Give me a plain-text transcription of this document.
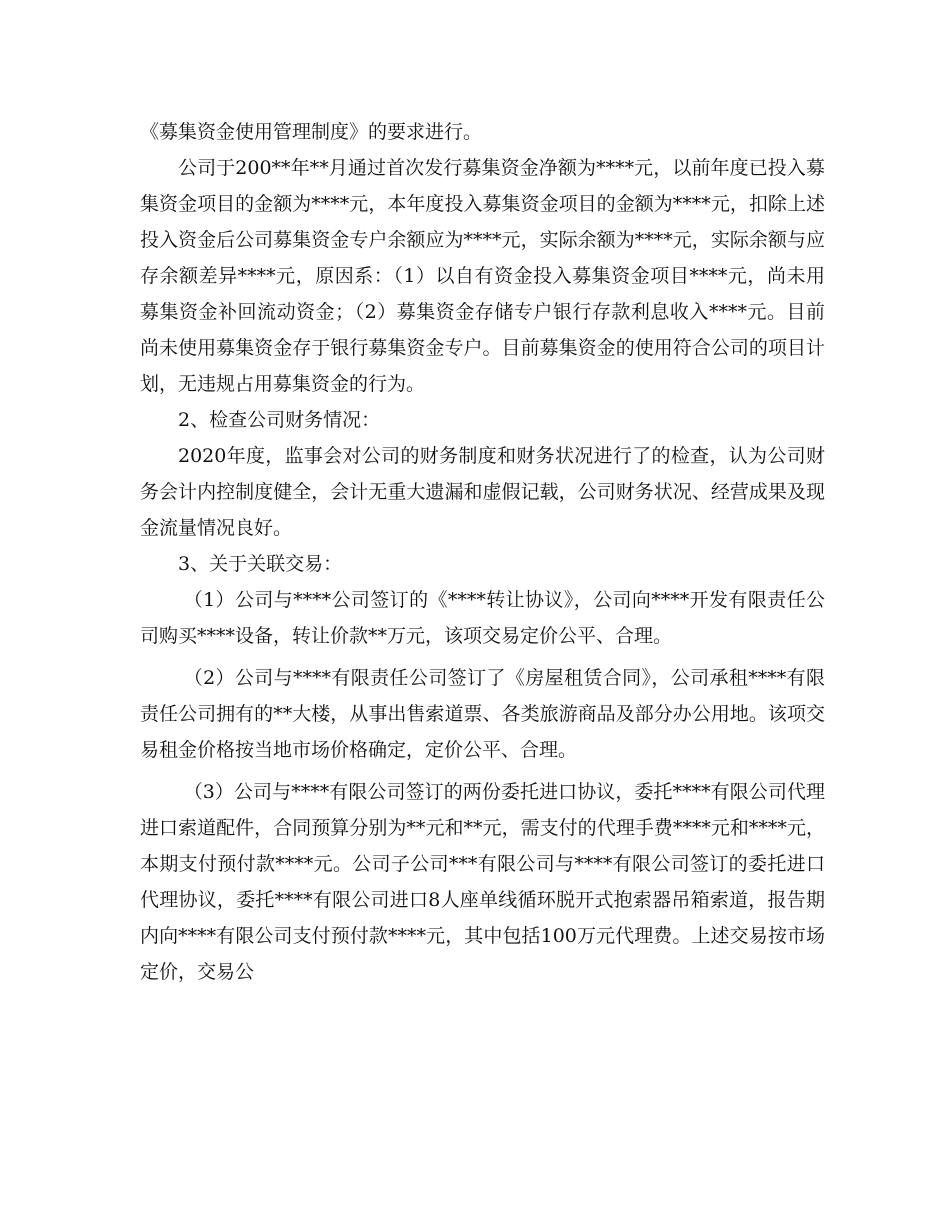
《募集资金使用管理制度》的要求进行。

公司于200**年**月通过首次发行募集资金净额为****元，以前年度已投入募集资金项目的金额为****元，本年度投入募集资金项目的金额为****元，扣除上述投入资金后公司募集资金专户余额应为****元，实际余额为****元，实际余额与应存余额差异****元，原因系：（1）以自有资金投入募集资金项目****元，尚未用募集资金补回流动资金；（2）募集资金存储专户银行存款利息收入****元。目前尚未使用募集资金存于银行募集资金专户。目前募集资金的使用符合公司的项目计划，无违规占用募集资金的行为。

2、检查公司财务情况：

2020年度，监事会对公司的财务制度和财务状况进行了的检查，认为公司财务会计内控制度健全，会计无重大遗漏和虚假记载，公司财务状况、经营成果及现金流量情况良好。

3、关于关联交易：

（1）公司与****公司签订的《****转让协议》，公司向****开发有限责任公司购买****设备，转让价款**万元，该项交易定价公平、合理。

（2）公司与****有限责任公司签订了《房屋租赁合同》，公司承租****有限责任公司拥有的**大楼，从事出售索道票、各类旅游商品及部分办公用地。该项交易租金价格按当地市场价格确定，定价公平、合理。

（3）公司与****有限公司签订的两份委托进口协议，委托****有限公司代理进口索道配件，合同预算分别为**元和**元，需支付的代理手费****元和****元，本期支付预付款****元。公司子公司***有限公司与****有限公司签订的委托进口代理协议，委托****有限公司进口8人座单线循环脱开式抱索器吊箱索道，报告期内向****有限公司支付预付款****元，其中包括100万元代理费。上述交易按市场定价，交易公
